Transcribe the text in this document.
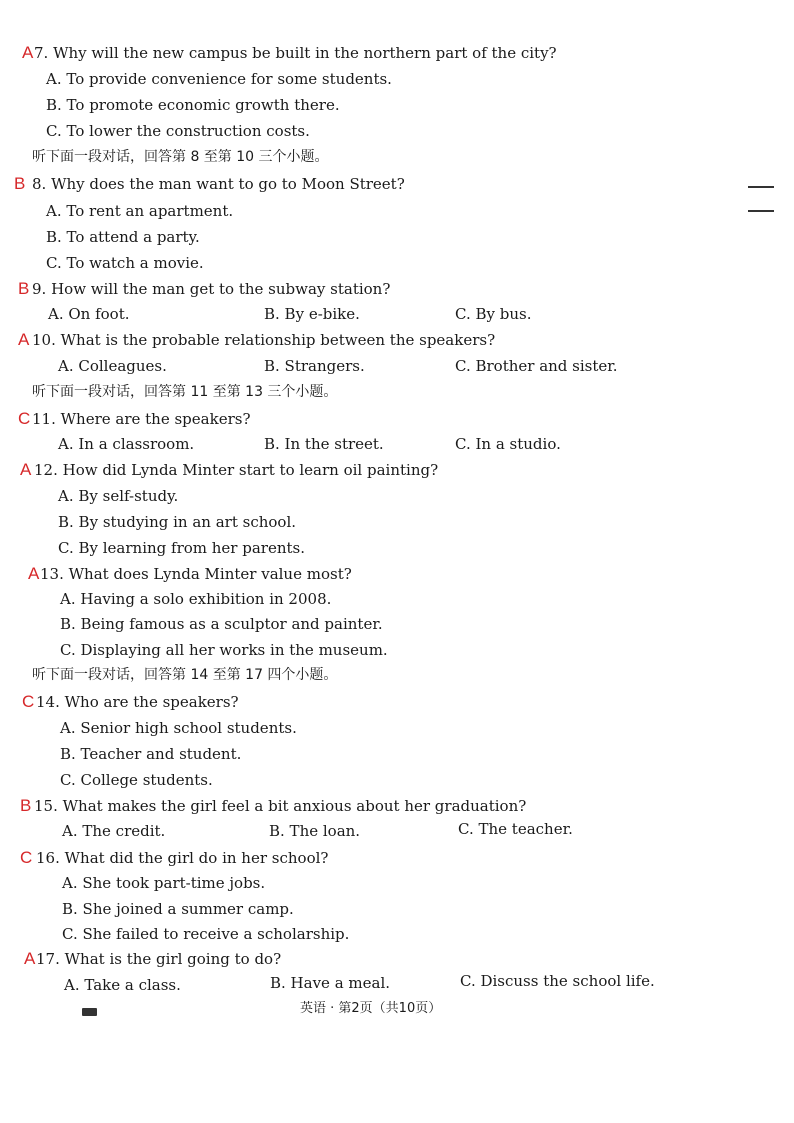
A 7. Why will the new campus be built in the northern part of the city?
A. To provide convenience for some students.
B. To promote economic growth there.
C. To lower the construction costs.
听下面一段对话，回答第 8 至第 10 三个小题。
B 8. Why does the man want to go to Moon Street?
A. To rent an apartment.
B. To attend a party.
C. To watch a movie.
B 9. How will the man get to the subway station?
A. On foot.	B. By e-bike.	C. By bus.
A 10. What is the probable relationship between the speakers?
A. Colleagues.	B. Strangers.	C. Brother and sister.
听下面一段对话，回答第 11 至第 13 三个小题。
C 11. Where are the speakers?
A. In a classroom.	B. In the street.	C. In a studio.
A 12. How did Lynda Minter start to learn oil painting?
A. By self-study.
B. By studying in an art school.
C. By learning from her parents.
A 13. What does Lynda Minter value most?
A. Having a solo exhibition in 2008.
B. Being famous as a sculptor and painter.
C. Displaying all her works in the museum.
听下面一段对话，回答第 14 至第 17 四个小题。
C 14. Who are the speakers?
A. Senior high school students.
B. Teacher and student.
C. College students.
B 15. What makes the girl feel a bit anxious about her graduation?
A. The credit.	B. The loan.	C. The teacher.
C 16. What did the girl do in her school?
A. She took part-time jobs.
B. She joined a summer camp.
C. She failed to receive a scholarship.
A 17. What is the girl going to do?
A. Take a class.	B. Have a meal.	C. Discuss the school life.
英语 · 第2页（共10页）
